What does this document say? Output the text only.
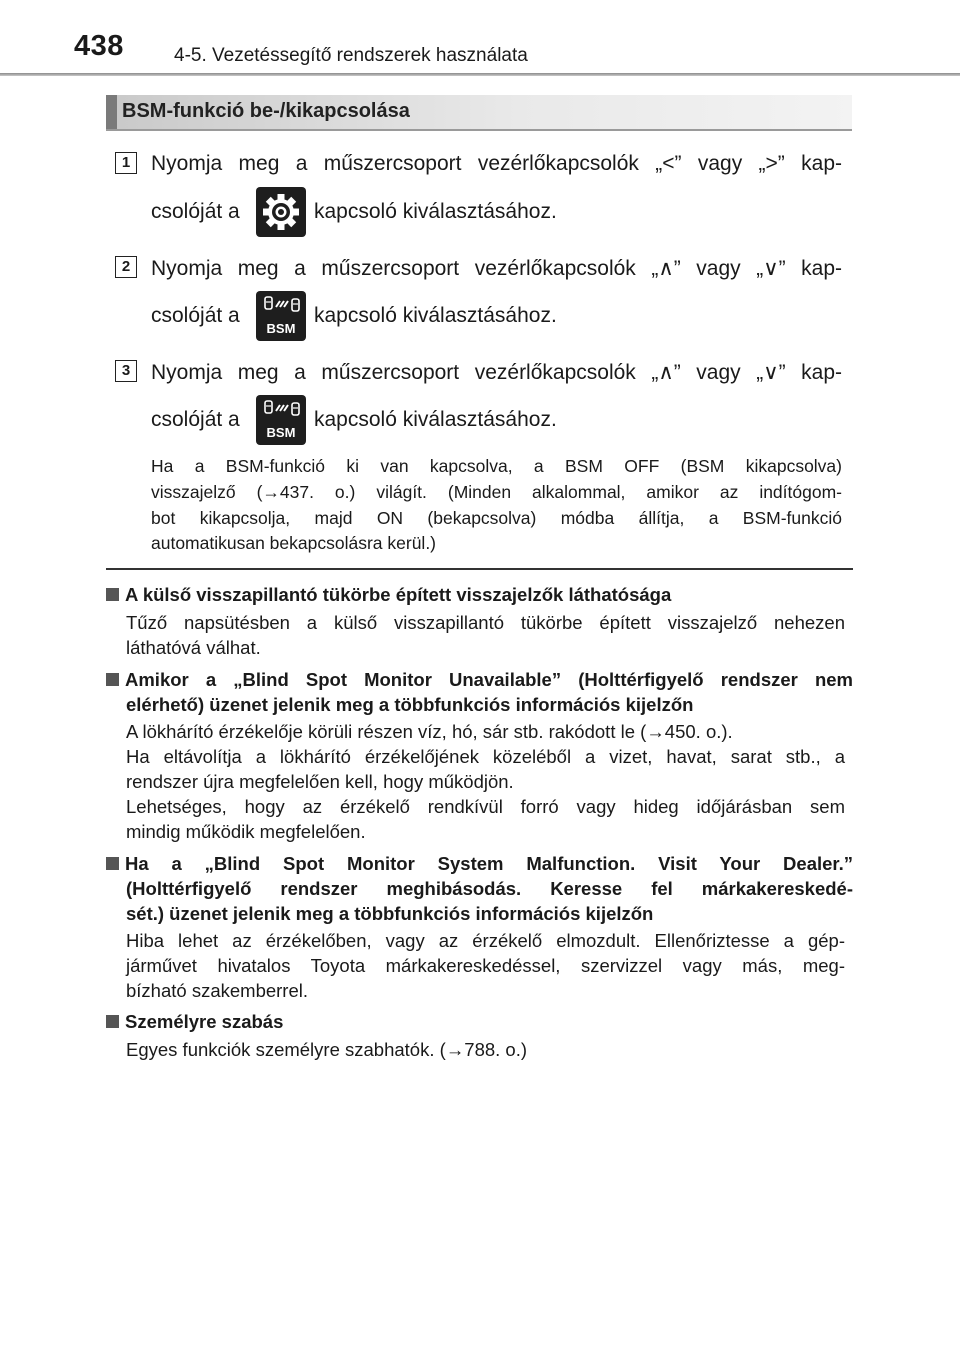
438	4-5. Vezetéssegítő rendszerek használata
BSM-funkció be-/kikapcsolása
1 Nyomja meg a műszercsoport vezérlőkapcsolók „<” vagy „>” kap-
csolóját a	kapcsoló kiválasztásához.
2 Nyomja meg a műszercsoport vezérlőkapcsolók „∧” vagy „∨” kap-
csolóját a
BSM
kapcsoló kiválasztásához.
3 Nyomja meg a műszercsoport vezérlőkapcsolók „∧” vagy „∨” kap-
csolóját a
BSM
kapcsoló kiválasztásához.
Ha a BSM-funkció ki van kapcsolva, a BSM OFF (BSM kikapcsolva)
visszajelző (→437. o.) világít. (Minden alkalommal, amikor az indítógom-
bot kikapcsolja, majd ON (bekapcsolva) módba állítja, a BSM-funkció
automatikusan bekapcsolásra kerül.)
A külső visszapillantó tükörbe épített visszajelzők láthatósága
Tűző napsütésben a külső visszapillantó tükörbe épített visszajelző nehezen
láthatóvá válhat.
Amikor a „Blind Spot Monitor Unavailable” (Holttérfigyelő rendszer nem
elérhető) üzenet jelenik meg a többfunkciós információs kijelzőn
A lökhárító érzékelője körüli részen víz, hó, sár stb. rakódott le (→450. o.).
Ha eltávolítja a lökhárító érzékelőjének közeléből a vizet, havat, sarat stb., a
rendszer újra megfelelően kell, hogy működjön.
Lehetséges, hogy az érzékelő rendkívül forró vagy hideg időjárásban sem
mindig működik megfelelően.
Ha a „Blind Spot Monitor System Malfunction. Visit Your Dealer.”
(Holttérfigyelő rendszer meghibásodás. Keresse fel márkakereskedé-
sét.) üzenet jelenik meg a többfunkciós információs kijelzőn
Hiba lehet az érzékelőben, vagy az érzékelő elmozdult. Ellenőriztesse a gép-
járművet hivatalos Toyota márkakereskedéssel, szervizzel vagy más, meg-
bízható szakemberrel.
Személyre szabás
Egyes funkciók személyre szabhatók. (→788. o.)
